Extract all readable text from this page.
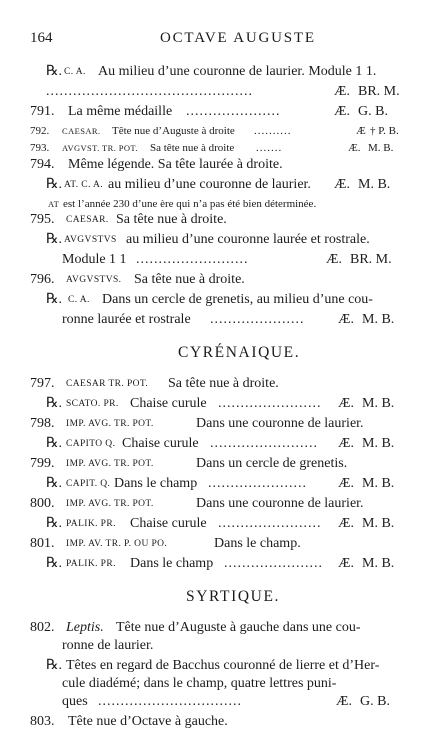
164	OCTAVE AUGUSTE
℞. C. A. Au milieu d’une couronne de laurier. Module 1 1.
..............................................	Æ. BR. M.
791. La même médaille .....................	Æ. G. B.
792. CAESAR. Tête nue d’Auguste à droite ..........	Æ † P. B.
793. AVGVST. TR. POT. Sa tête nue à droite .......	Æ. M. B.
794. Même légende. Sa tête laurée à droite.
℞. AT. C. A. au milieu d’une couronne de laurier. Æ. M. B.
AT est l’année 230 d’une ère qui n’a pas été bien déterminée.
795. CAESAR. Sa tête nue à droite.
℞. AVGVSTVS au milieu d’une couronne laurée et rostrale.
Module 1 1 .........................	Æ. BR. M.
796. AVGVSTVS. Sa tête nue à droite.
℞. C. A. Dans un cercle de grenetis, au milieu d’une cou-
ronne laurée et rostrale .....................	Æ. M. B.
CYRÉNAIQUE.
797. CAESAR TR. POT. Sa tête nue à droite.
℞. SCATO. PR. Chaise curule .......................	Æ. M. B.
798. IMP. AVG. TR. POT.	Dans une couronne de laurier.
℞. CAPITO Q. Chaise curule ........................	Æ. M. B.
799. IMP. AVG. TR. POT.	Dans un cercle de grenetis.
℞. CAPIT. Q. Dans le champ ......................	Æ. M. B.
800. IMP. AVG. TR. POT.	Dans une couronne de laurier.
℞. PALIK. PR. Chaise curule .......................	Æ. M. B.
801. IMP. AV. TR. P. OU PO.	Dans le champ.
℞. PALIK. PR. Dans le champ ......................	Æ. M. B.
SYRTIQUE.
802. Leptis. Tête nue d’Auguste à gauche dans une cou-
ronne de laurier.
℞. Têtes en regard de Bacchus couronné de lierre et d’Her-
cule diadémé; dans le champ, quatre lettres puni-
ques ................................	Æ. G. B.
803. Tête nue d’Octave à gauche.
